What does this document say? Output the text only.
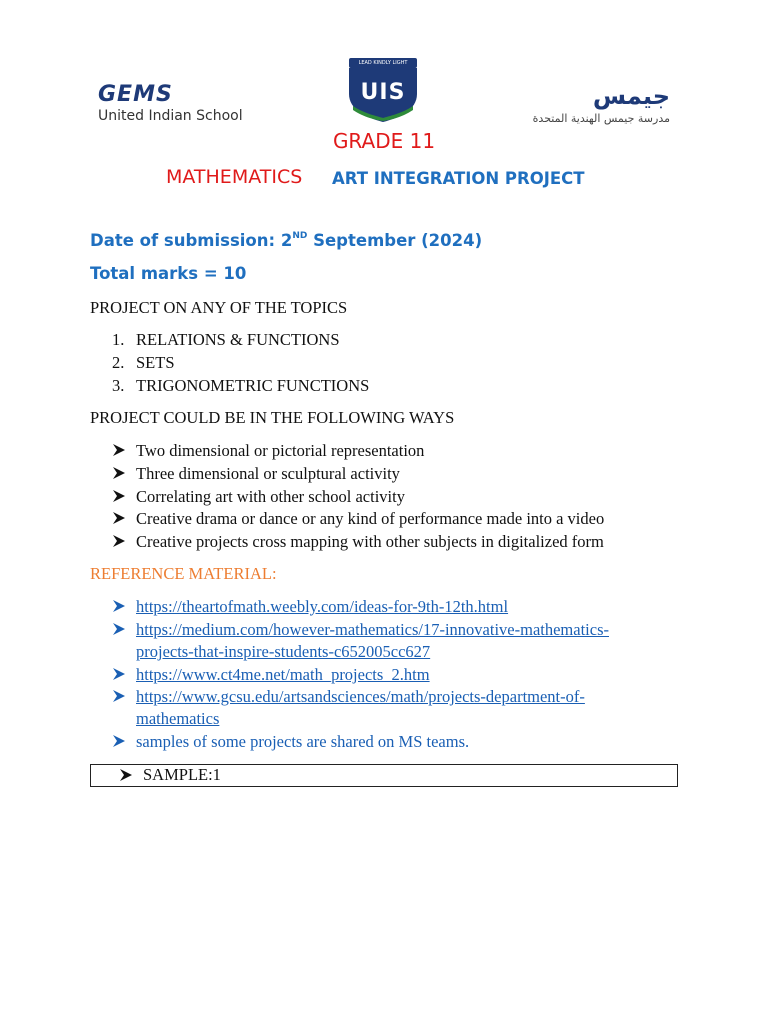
GEMS
United Indian School
LEAD KINDLY LIGHT
UIS	جيمس
مدرسة جيمس الهندية المتحدة
GRADE 11
MATHEMATICS ART INTEGRATION PROJECT
Date of submission: 2ND September (2024)
Total marks = 10
PROJECT ON ANY OF THE TOPICS
1. RELATIONS & FUNCTIONS
2. SETS
3. TRIGONOMETRIC FUNCTIONS
PROJECT COULD BE IN THE FOLLOWING WAYS
Two dimensional or pictorial representation
Three dimensional or sculptural activity
Correlating art with other school activity
Creative drama or dance or any kind of performance made into a video
Creative projects cross mapping with other subjects in digitalized form
REFERENCE MATERIAL:
https://theartofmath.weebly.com/ideas-for-9th-12th.html
https://medium.com/however-mathematics/17-innovative-mathematics-
projects-that-inspire-students-c652005cc627
https://www.ct4me.net/math_projects_2.htm
https://www.gcsu.edu/artsandsciences/math/projects-department-of-
mathematics
samples of some projects are shared on MS teams.
SAMPLE:1
